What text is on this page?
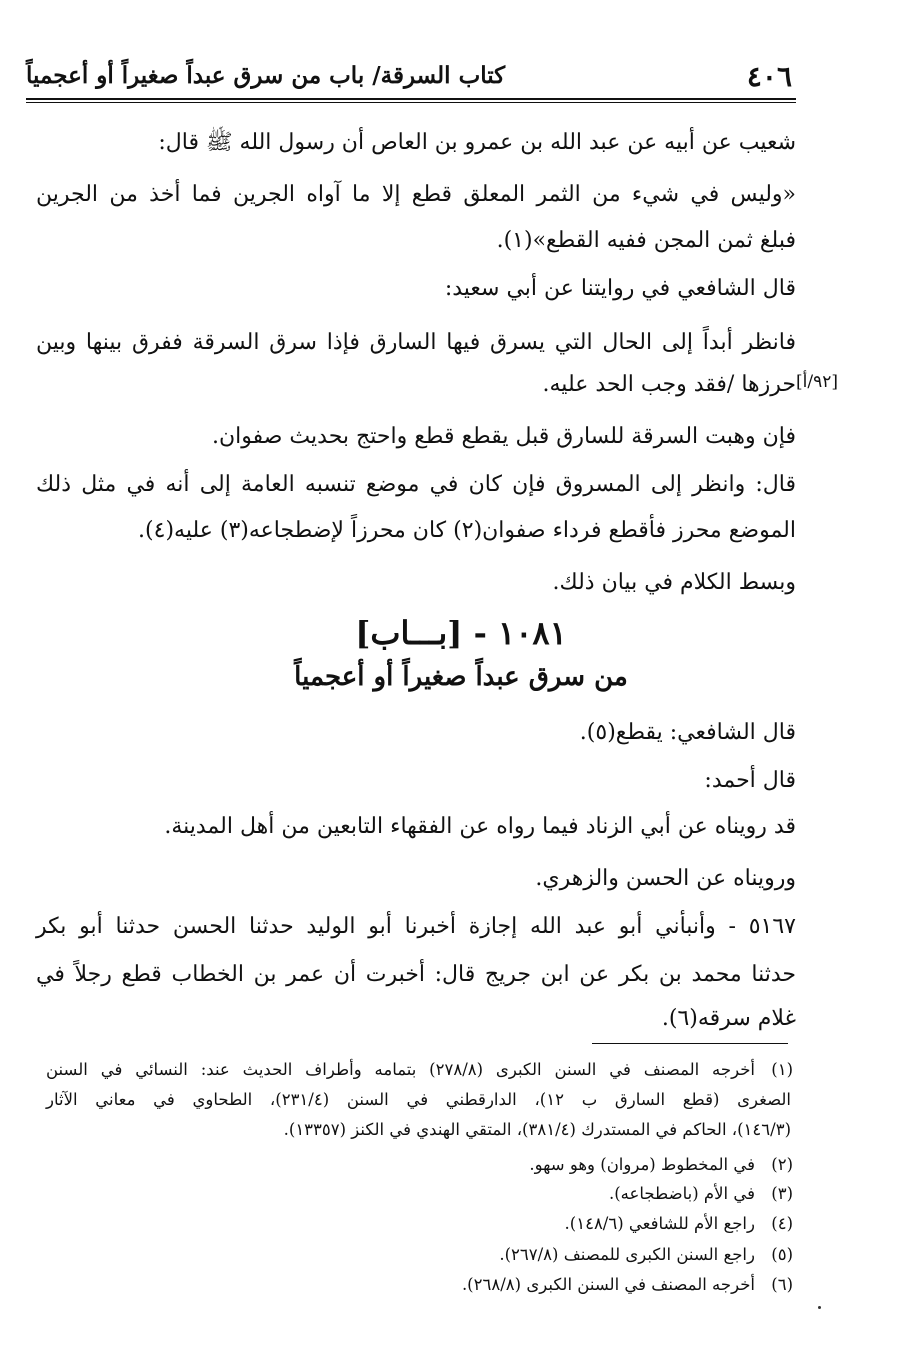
٤٠٦
كتاب السرقة/ باب من سرق عبداً صغيراً أو أعجمياً
شعيب عن أبيه عن عبد الله بن عمرو بن العاص أن رسول الله ﷺ قال:
«وليس في شيء من الثمر المعلق قطع إلا ما آواه الجرين فما أخذ من الجرين
فبلغ ثمن المجن ففيه القطع»(١).
قال الشافعي في روايتنا عن أبي سعيد:
فانظر أبداً إلى الحال التي يسرق فيها السارق فإذا سرق السرقة ففرق بينها وبين
حرزها /فقد وجب الحد عليه. [٩٢/أ]
فإن وهبت السرقة للسارق قبل يقطع قطع واحتج بحديث صفوان.
قال: وانظر إلى المسروق فإن كان في موضع تنسبه العامة إلى أنه في مثل ذلك
الموضع محرز فأقطع فرداء صفوان(٢) كان محرزاً لإضطجاعه(٣) عليه(٤).
وبسط الكلام في بيان ذلك.
١٠٨١ - [بـــاب]
من سرق عبداً صغيراً أو أعجمياً
قال الشافعي: يقطع(٥).
قال أحمد:
قد رويناه عن أبي الزناد فيما رواه عن الفقهاء التابعين من أهل المدينة.
ورويناه عن الحسن والزهري.
٥١٦٧ - وأنبأني أبو عبد الله إجازة أخبرنا أبو الوليد حدثنا الحسن حدثنا أبو بكر
حدثنا محمد بن بكر عن ابن جريج قال: أخبرت أن عمر بن الخطاب قطع رجلاً في
غلام سرقه(٦).
(١)
أخرجه المصنف في السنن الكبرى (٢٧٨/٨) بتمامه وأطراف الحديث عند: النسائي في السنن
الصغرى (قطع السارق ب ١٢)، الدارقطني في السنن (٢٣١/٤)، الطحاوي في معاني الآثار
(١٤٦/٣)، الحاكم في المستدرك (٣٨١/٤)، المتقي الهندي في الكنز (١٣٣٥٧).
(٢)
في المخطوط (مروان) وهو سهو.
(٣)
في الأم (باضطجاعه).
(٤)
راجع الأم للشافعي (١٤٨/٦).
(٥)
راجع السنن الكبرى للمصنف (٢٦٧/٨).
(٦)
أخرجه المصنف في السنن الكبرى (٢٦٨/٨).
